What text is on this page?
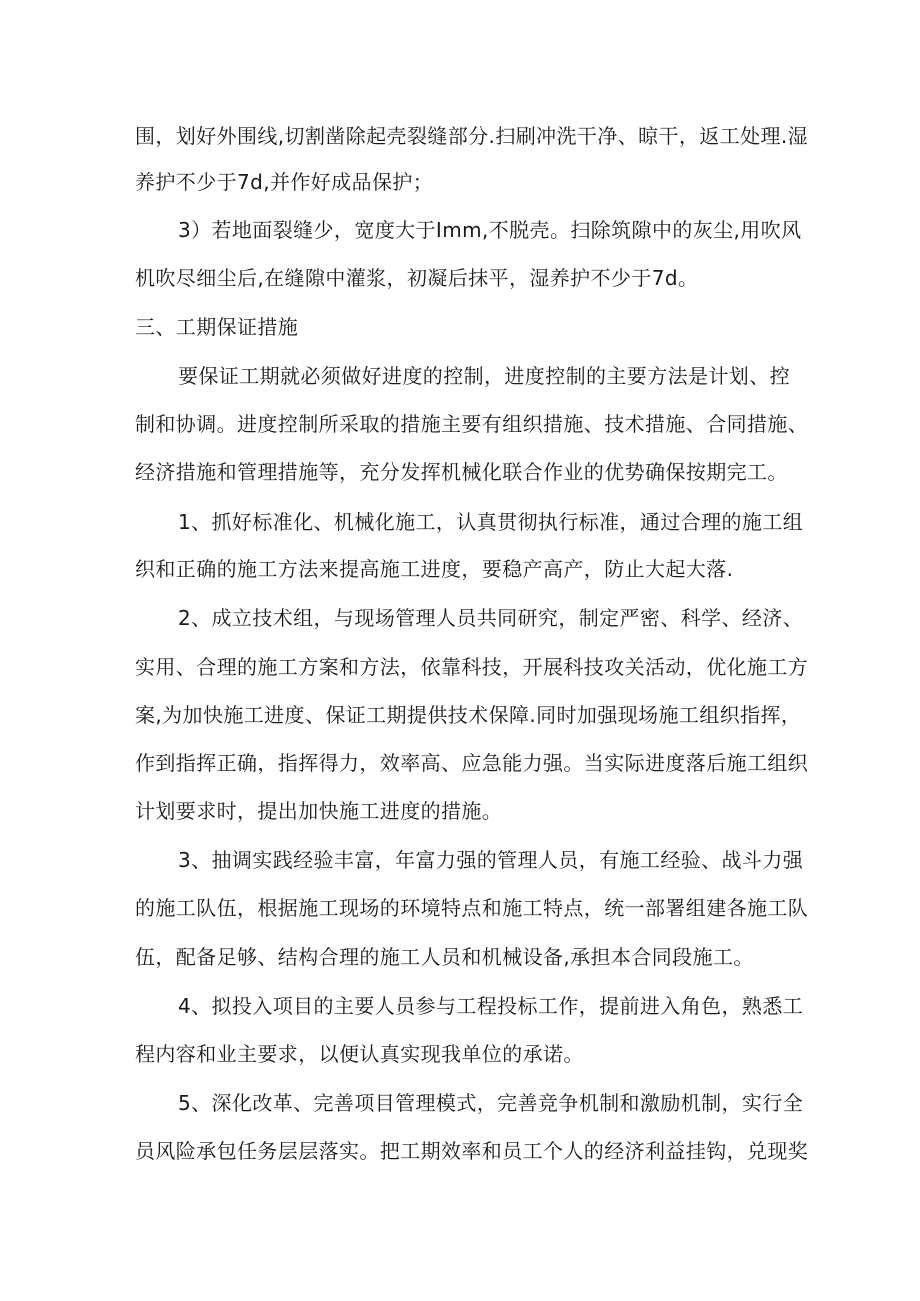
围，划好外围线,切割凿除起壳裂缝部分.扫刷冲洗干净、晾干，返工处理.湿
养护不少于7d,并作好成品保护；
3）若地面裂缝少，宽度大于Imm,不脱壳。扫除筑隙中的灰尘,用吹风
机吹尽细尘后,在缝隙中灌浆，初凝后抹平，湿养护不少于7d。
三、工期保证措施
要保证工期就必须做好进度的控制，进度控制的主要方法是计划、控
制和协调。进度控制所采取的措施主要有组织措施、技术措施、合同措施、
经济措施和管理措施等，充分发挥机械化联合作业的优势确保按期完工。
1、抓好标准化、机械化施工，认真贯彻执行标准，通过合理的施工组
织和正确的施工方法来提高施工进度，要稳产高产，防止大起大落.
2、成立技术组，与现场管理人员共同研究，制定严密、科学、经济、
实用、合理的施工方案和方法，依靠科技，开展科技攻关活动，优化施工方
案,为加快施工进度、保证工期提供技术保障.同时加强现场施工组织指挥，
作到指挥正确，指挥得力，效率高、应急能力强。当实际进度落后施工组织
计划要求时，提出加快施工进度的措施。
3、抽调实践经验丰富，年富力强的管理人员，有施工经验、战斗力强
的施工队伍，根据施工现场的环境特点和施工特点，统一部署组建各施工队
伍，配备足够、结构合理的施工人员和机械设备,承担本合同段施工。
4、拟投入项目的主要人员参与工程投标工作，提前进入角色，熟悉工
程内容和业主要求，以便认真实现我单位的承诺。
5、深化改革、完善项目管理模式，完善竞争机制和激励机制，实行全
员风险承包任务层层落实。把工期效率和员工个人的经济利益挂钩，兑现奖
